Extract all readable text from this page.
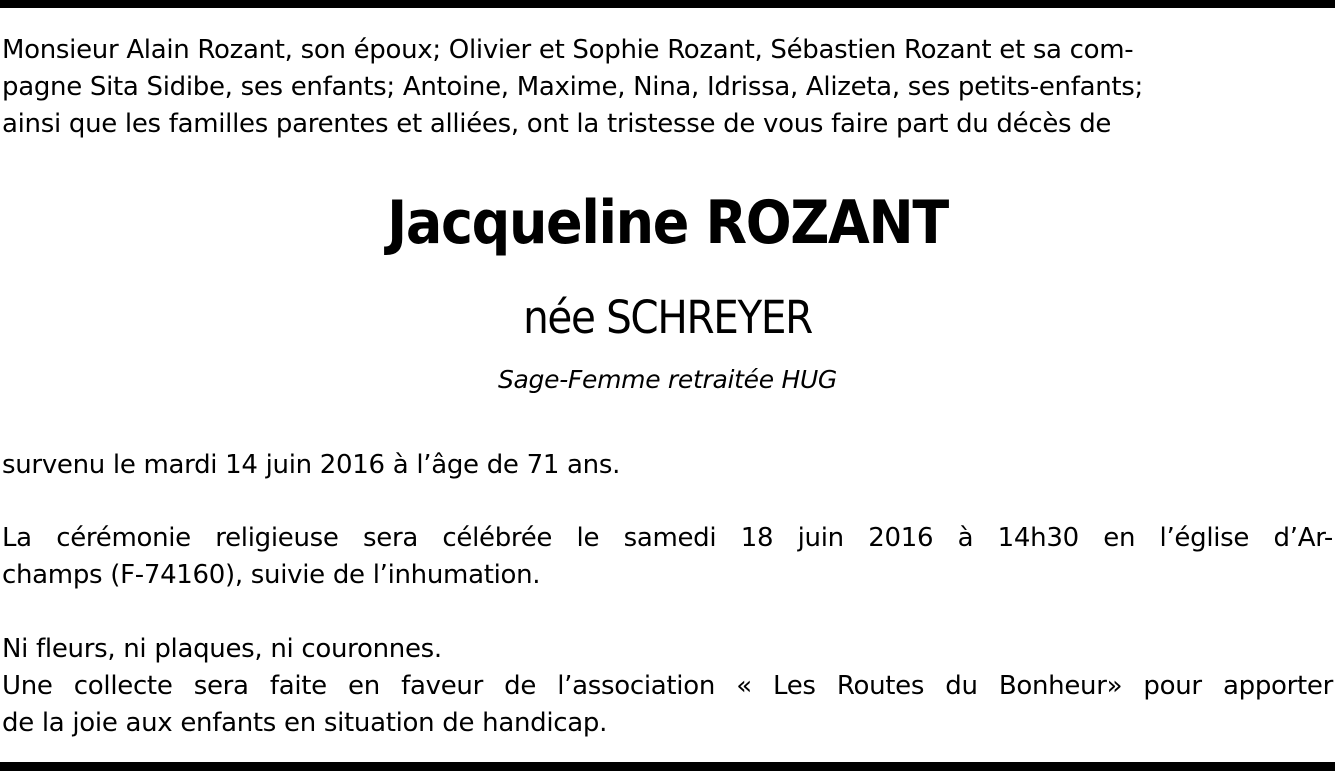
Monsieur Alain Rozant, son époux; Olivier et Sophie Rozant, Sébastien Rozant et sa com-
pagne Sita Sidibe, ses enfants; Antoine, Maxime, Nina, Idrissa, Alizeta, ses petits-enfants;
ainsi que les familles parentes et alliées, ont la tristesse de vous faire part du décès de
Jacqueline ROZANT
née SCHREYER
Sage-Femme retraitée HUG
survenu le mardi 14 juin 2016 à l’âge de 71 ans.
La cérémonie religieuse sera célébrée le samedi 18 juin 2016 à 14h30 en l’église d’Ar-
champs (F-74160), suivie de l’inhumation.
Ni fleurs, ni plaques, ni couronnes.
Une collecte sera faite en faveur de l’association « Les Routes du Bonheur» pour apporter
de la joie aux enfants en situation de handicap.
